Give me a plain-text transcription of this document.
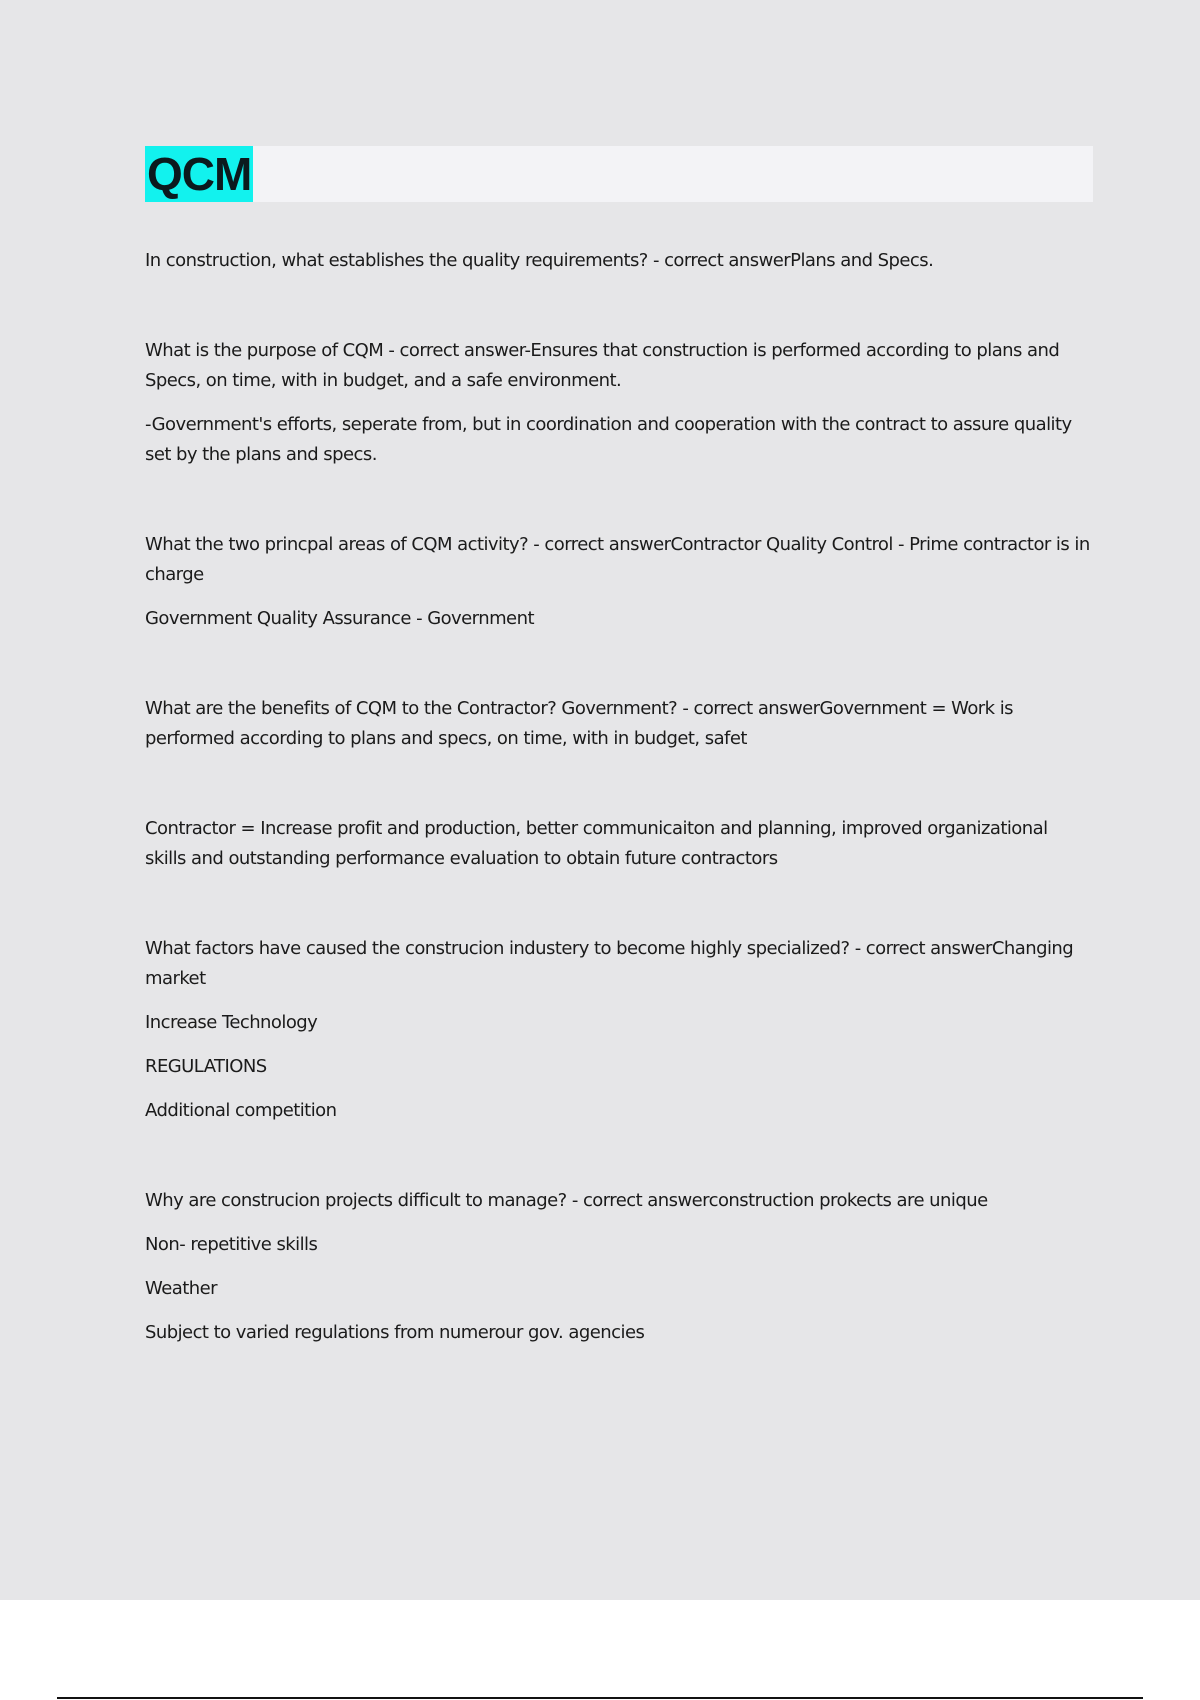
QCM

In construction, what establishes the quality requirements? - correct answerPlans and Specs.

What is the purpose of CQM - correct answer-Ensures that construction is performed according to plans and Specs, on time, with in budget, and a safe environment.

-Government's efforts, seperate from, but in coordination and cooperation with the contract to assure quality set by the plans and specs.

What the two princpal areas of CQM activity? - correct answerContractor Quality Control - Prime contractor is in charge

Government Quality Assurance - Government

What are the benefits of CQM to the Contractor? Government? - correct answerGovernment = Work is performed according to plans and specs, on time, with in budget, safet

Contractor = Increase profit and production, better communicaiton and planning, improved organizational skills and outstanding performance evaluation to obtain future contractors

What factors have caused the construcion industery to become highly specialized? - correct answerChanging market

Increase Technology

REGULATIONS

Additional competition

Why are construcion projects difficult to manage? - correct answerconstruction prokects are unique

Non- repetitive skills

Weather

Subject to varied regulations from numerour gov. agencies
